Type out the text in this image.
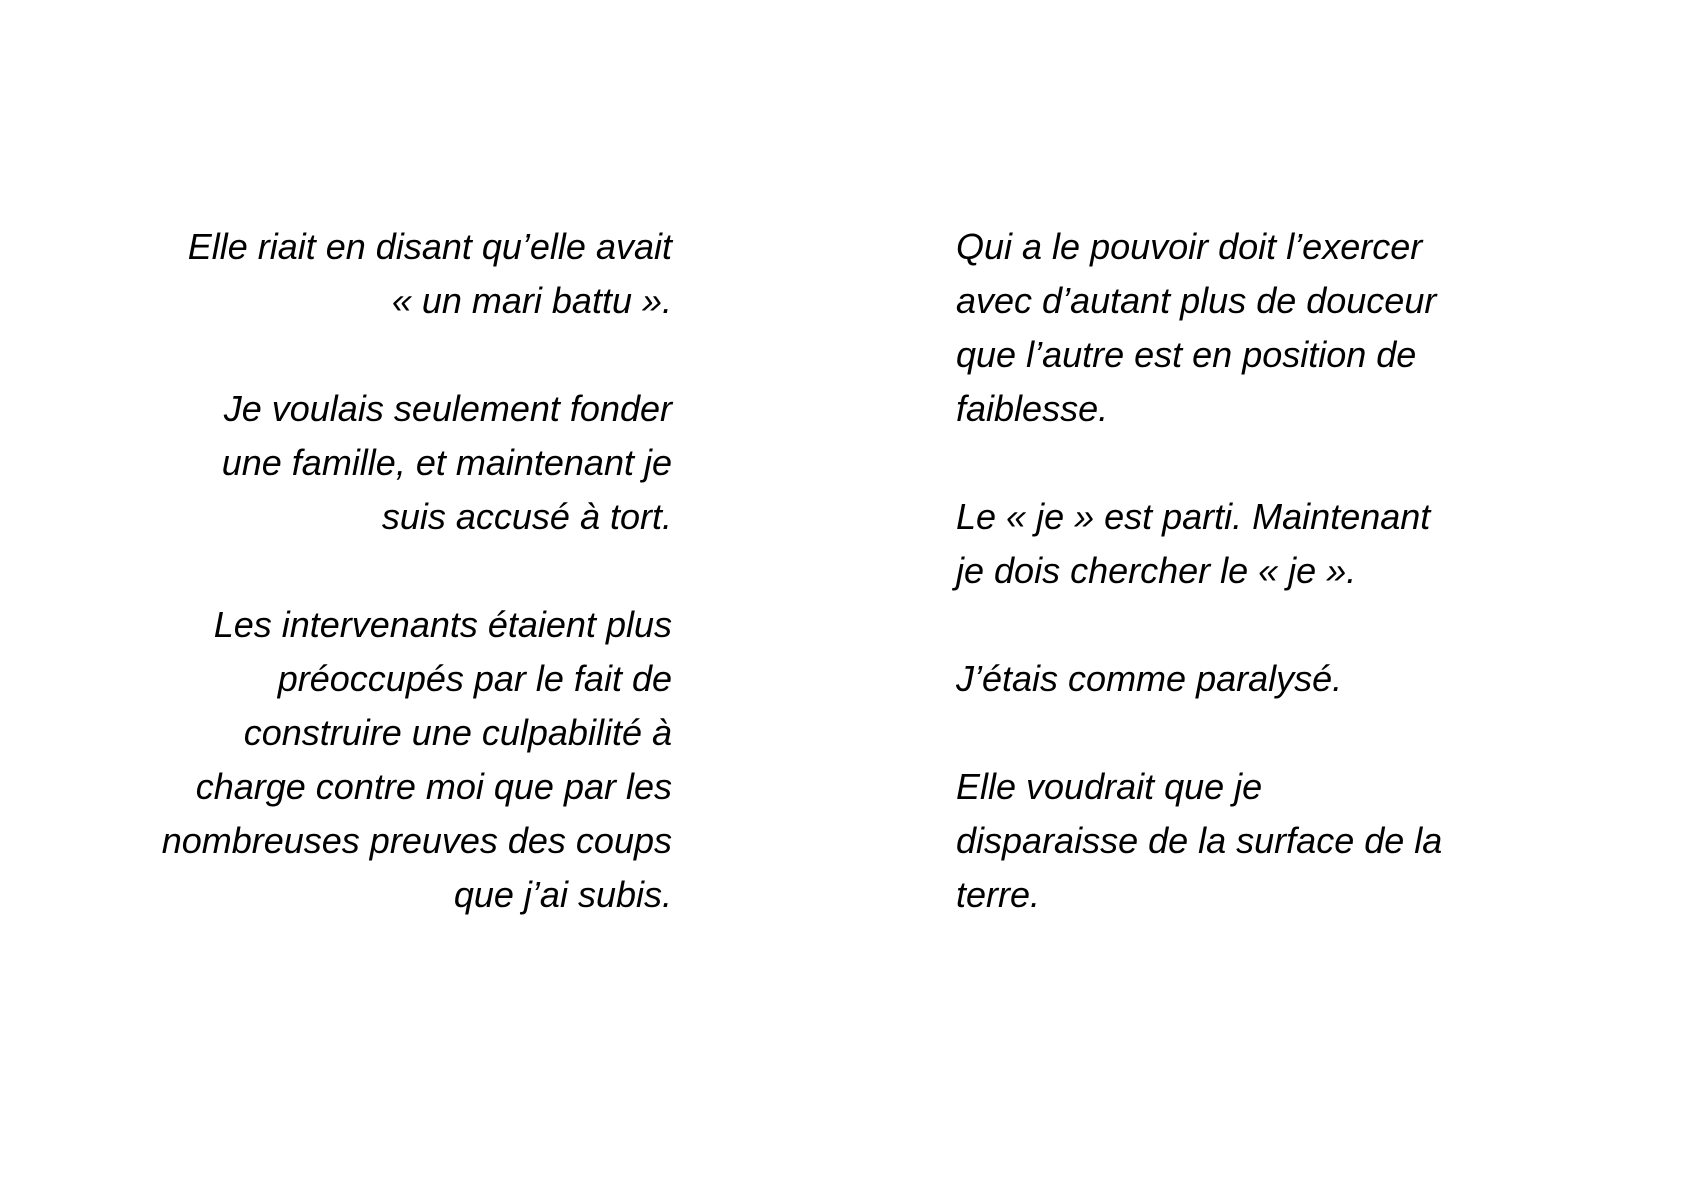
Elle riait en disant qu’elle avait
« un mari battu ».
Je voulais seulement fonder
une famille, et maintenant je
suis accusé à tort.
Les intervenants étaient plus
préoccupés par le fait de
construire une culpabilité à
charge contre moi que par les
nombreuses preuves des coups
que j’ai subis.
Qui a le pouvoir doit l’exercer
avec d’autant plus de douceur
que l’autre est en position de
faiblesse.
Le « je » est parti. Maintenant
je dois chercher le « je ».
J’étais comme paralysé.
Elle voudrait que je
disparaisse de la surface de la
terre.
